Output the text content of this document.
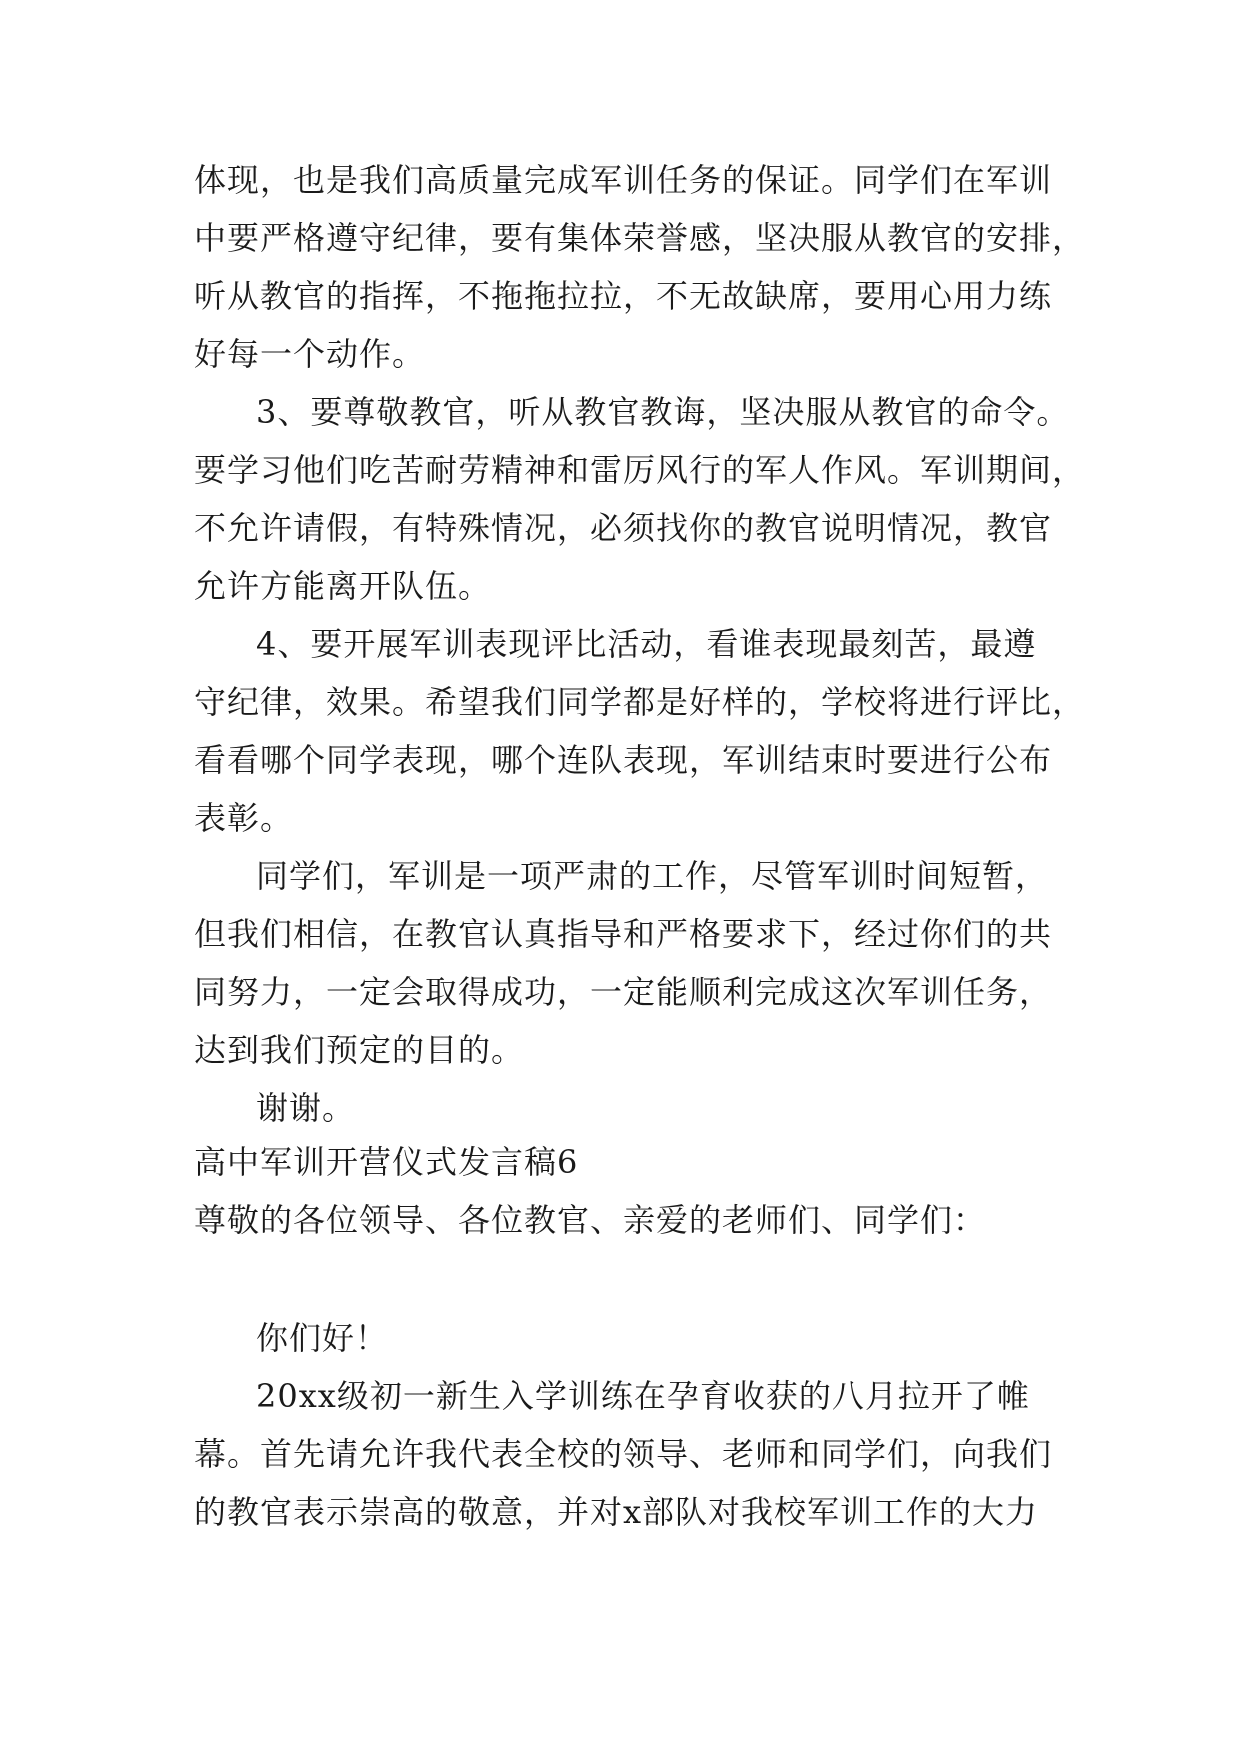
体现，也是我们高质量完成军训任务的保证。同学们在军训
中要严格遵守纪律，要有集体荣誉感，坚决服从教官的安排，
听从教官的指挥，不拖拖拉拉，不无故缺席，要用心用力练
好每一个动作。
3、要尊敬教官，听从教官教诲，坚决服从教官的命令。
要学习他们吃苦耐劳精神和雷厉风行的军人作风。军训期间，
不允许请假，有特殊情况，必须找你的教官说明情况，教官
允许方能离开队伍。
4、要开展军训表现评比活动，看谁表现最刻苦，最遵
守纪律，效果。希望我们同学都是好样的，学校将进行评比，
看看哪个同学表现，哪个连队表现，军训结束时要进行公布
表彰。
同学们，军训是一项严肃的工作，尽管军训时间短暂，
但我们相信，在教官认真指导和严格要求下，经过你们的共
同努力，一定会取得成功，一定能顺利完成这次军训任务，
达到我们预定的目的。
谢谢。
高中军训开营仪式发言稿6
尊敬的各位领导、各位教官、亲爱的老师们、同学们：
你们好！
20xx级初一新生入学训练在孕育收获的八月拉开了帷
幕。首先请允许我代表全校的领导、老师和同学们，向我们
的教官表示崇高的敬意，并对x部队对我校军训工作的大力
